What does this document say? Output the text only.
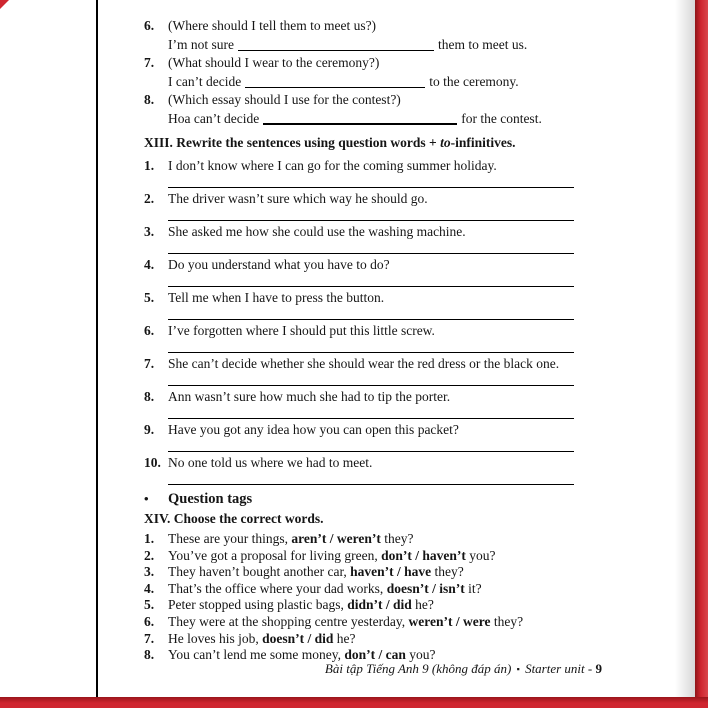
6.	(Where should I tell them to meet us?)
I’m not sure	them to meet us.
7.	(What should I wear to the ceremony?)
I can’t decide	to the ceremony.
8.	(Which essay should I use for the contest?)
Hoa can’t decide	for the contest.
XIII. Rewrite the sentences using question words + to-infinitives.
1.	I don’t know where I can go for the coming summer holiday.
2.	The driver wasn’t sure which way he should go.
3.	She asked me how she could use the washing machine.
4.	Do you understand what you have to do?
5.	Tell me when I have to press the button.
6.	I’ve forgotten where I should put this little screw.
7.	She can’t decide whether she should wear the red dress or the black one.
8.	Ann wasn’t sure how much she had to tip the porter.
9.	Have you got any idea how you can open this packet?
10. No one told us where we had to meet.
•	Question tags
XIV. Choose the correct words.
1.	These are your things, aren’t / weren’t they?
2.	You’ve got a proposal for living green, don’t / haven’t you?
3.	They haven’t bought another car, haven’t / have they?
4.	That’s the office where your dad works, doesn’t / isn’t it?
5.	Peter stopped using plastic bags, didn’t / did he?
6.	They were at the shopping centre yesterday, weren’t / were they?
7.	He loves his job, doesn’t / did he?
8.	You can’t lend me some money, don’t / can you?
Bài tập Tiếng Anh 9 (không đáp án) ▪ Starter unit - 9
